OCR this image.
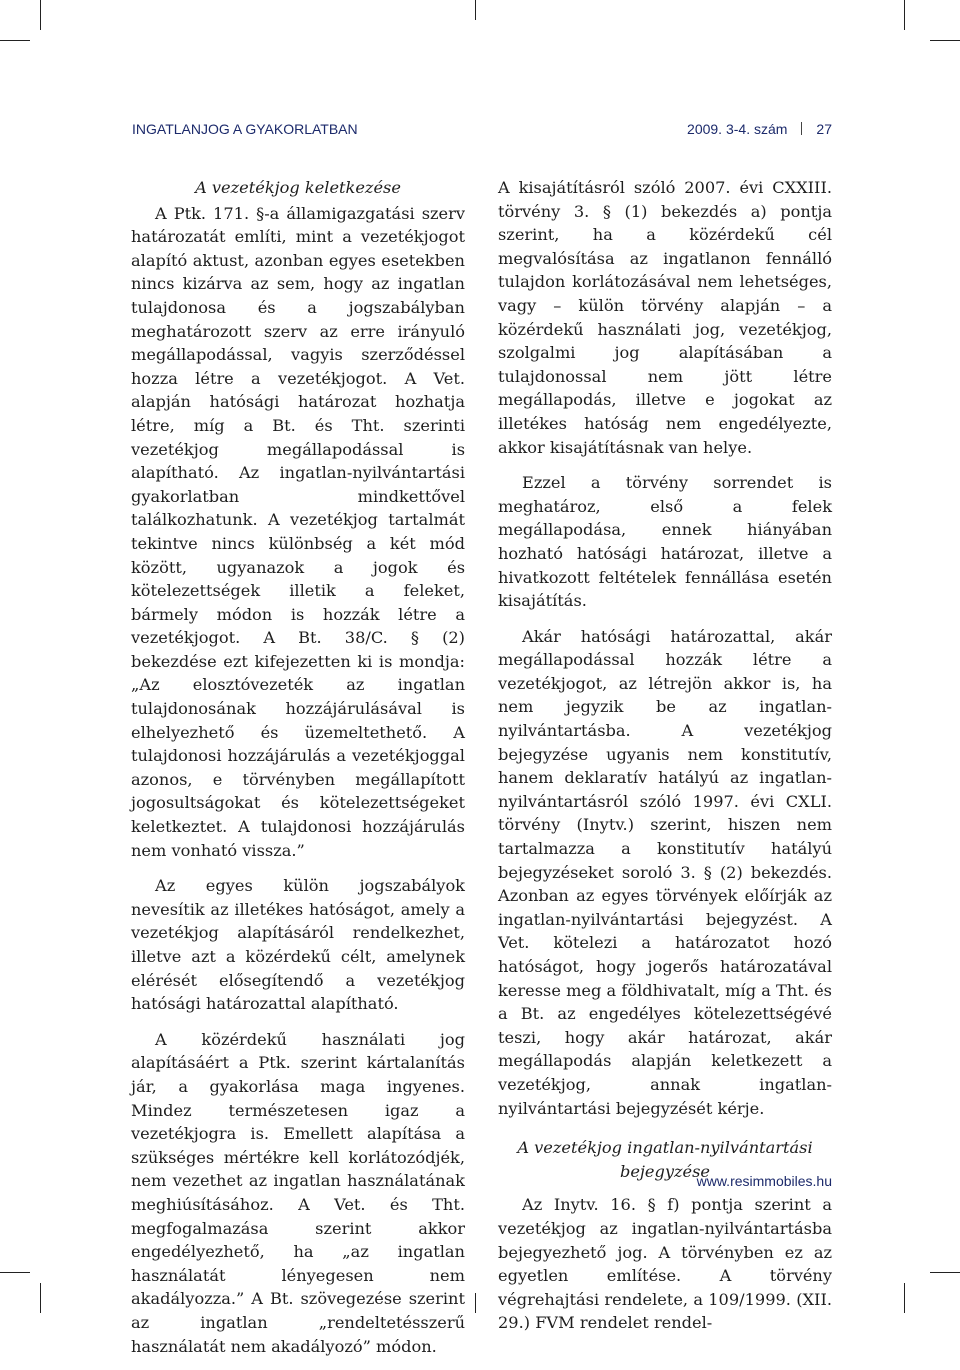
INGATLANJOG A GYAKORLATBAN	2009. 3-4. szám 27
A vezetékjog keletkezése

A Ptk. 171. §-a államigazgatási szerv határozatát említi, mint a vezetékjogot alapító aktust, azonban egyes esetekben nincs kizárva az sem, hogy az ingatlan tulajdonosa és a jogszabályban meghatározott szerv az erre irányuló megállapodással, vagyis szerződéssel hozza létre a vezetékjogot. A Vet. alapján hatósági határozat hozhatja létre, míg a Bt. és Tht. szerinti vezetékjog megállapodással is alapítható. Az ingatlan-nyilvántartási gyakorlatban mindkettővel találkozhatunk. A vezetékjog tartalmát tekintve nincs különbség a két mód között, ugyanazok a jogok és kötelezettségek illetik a feleket, bármely módon is hozzák létre a vezetékjogot. A Bt. 38/C. § (2) bekezdése ezt kifejezetten ki is mondja: „Az elosztóvezeték az ingatlan tulajdonosának hozzájárulásával is elhelyezhető és üzemeltethető. A tulajdonosi hozzájárulás a vezetékjoggal azonos, e törvényben megállapított jogosultságokat és kötelezettségeket keletkeztet. A tulajdonosi hozzájárulás nem vonható vissza.”

Az egyes külön jogszabályok nevesítik az illetékes hatóságot, amely a vezetékjog alapításáról rendelkezhet, illetve azt a közérdekű célt, amelynek elérését elősegítendő a vezetékjog hatósági határozattal alapítható.

A közérdekű használati jog alapításáért a Ptk. szerint kártalanítás jár, a gyakorlása maga ingyenes. Mindez természetesen igaz a vezetékjogra is. Emellett alapítása a szükséges mértékre kell korlátozódjék, nem vezethet az ingatlan használatának meghiúsításához. A Vet. és Tht. megfogalmazása szerint akkor engedélyezhető, ha „az ingatlan használatát lényegesen nem akadályozza.” A Bt. szövegezése szerint az ingatlan „rendeltetésszerű használatát nem akadályozó” módon.

A kisajátításról szóló 2007. évi CXXIII. törvény 3. § (1) bekezdés a) pontja szerint, ha a közérdekű cél megvalósítása az ingatlanon fennálló tulajdon korlátozásával nem lehetséges, vagy – külön törvény alapján – a közérdekű használati jog, vezetékjog, szolgalmi jog alapításában a tulajdonossal nem jött létre megállapodás, illetve e jogokat az illetékes hatóság nem engedélyezte, akkor kisajátításnak van helye.

Ezzel a törvény sorrendet is meghatároz, első a felek megállapodása, ennek hiányában hozható hatósági határozat, illetve a hivatkozott feltételek fennállása esetén kisajátítás.

Akár hatósági határozattal, akár megállapodással hozzák létre a vezetékjogot, az létrejön akkor is, ha nem jegyzik be az ingatlan-nyilvántartásba. A vezetékjog bejegyzése ugyanis nem konstitutív, hanem deklaratív hatályú az ingatlan-nyilvántartásról szóló 1997. évi CXLI. törvény (Inytv.) szerint, hiszen nem tartalmazza a konstitutív hatályú bejegyzéseket soroló 3. § (2) bekezdés. Azonban az egyes törvények előírják az ingatlan-nyilvántartási bejegyzést. A Vet. kötelezi a határozatot hozó hatóságot, hogy jogerős határozatával keresse meg a földhivatalt, míg a Tht. és a Bt. az engedélyes kötelezettségévé teszi, hogy akár határozat, akár megállapodás alapján keletkezett a vezetékjog, annak ingatlan-nyilvántartási bejegyzését kérje.

A vezetékjog ingatlan-nyilvántartási bejegyzése

Az Inytv. 16. § f) pontja szerint a vezetékjog az ingatlan-nyilvántartásba bejegyezhető jog. A törvényben ez az egyetlen említése. A törvény végrehajtási rendelete, a 109/1999. (XII. 29.) FVM rendelet rendel-

www.resimmobiles.hu
